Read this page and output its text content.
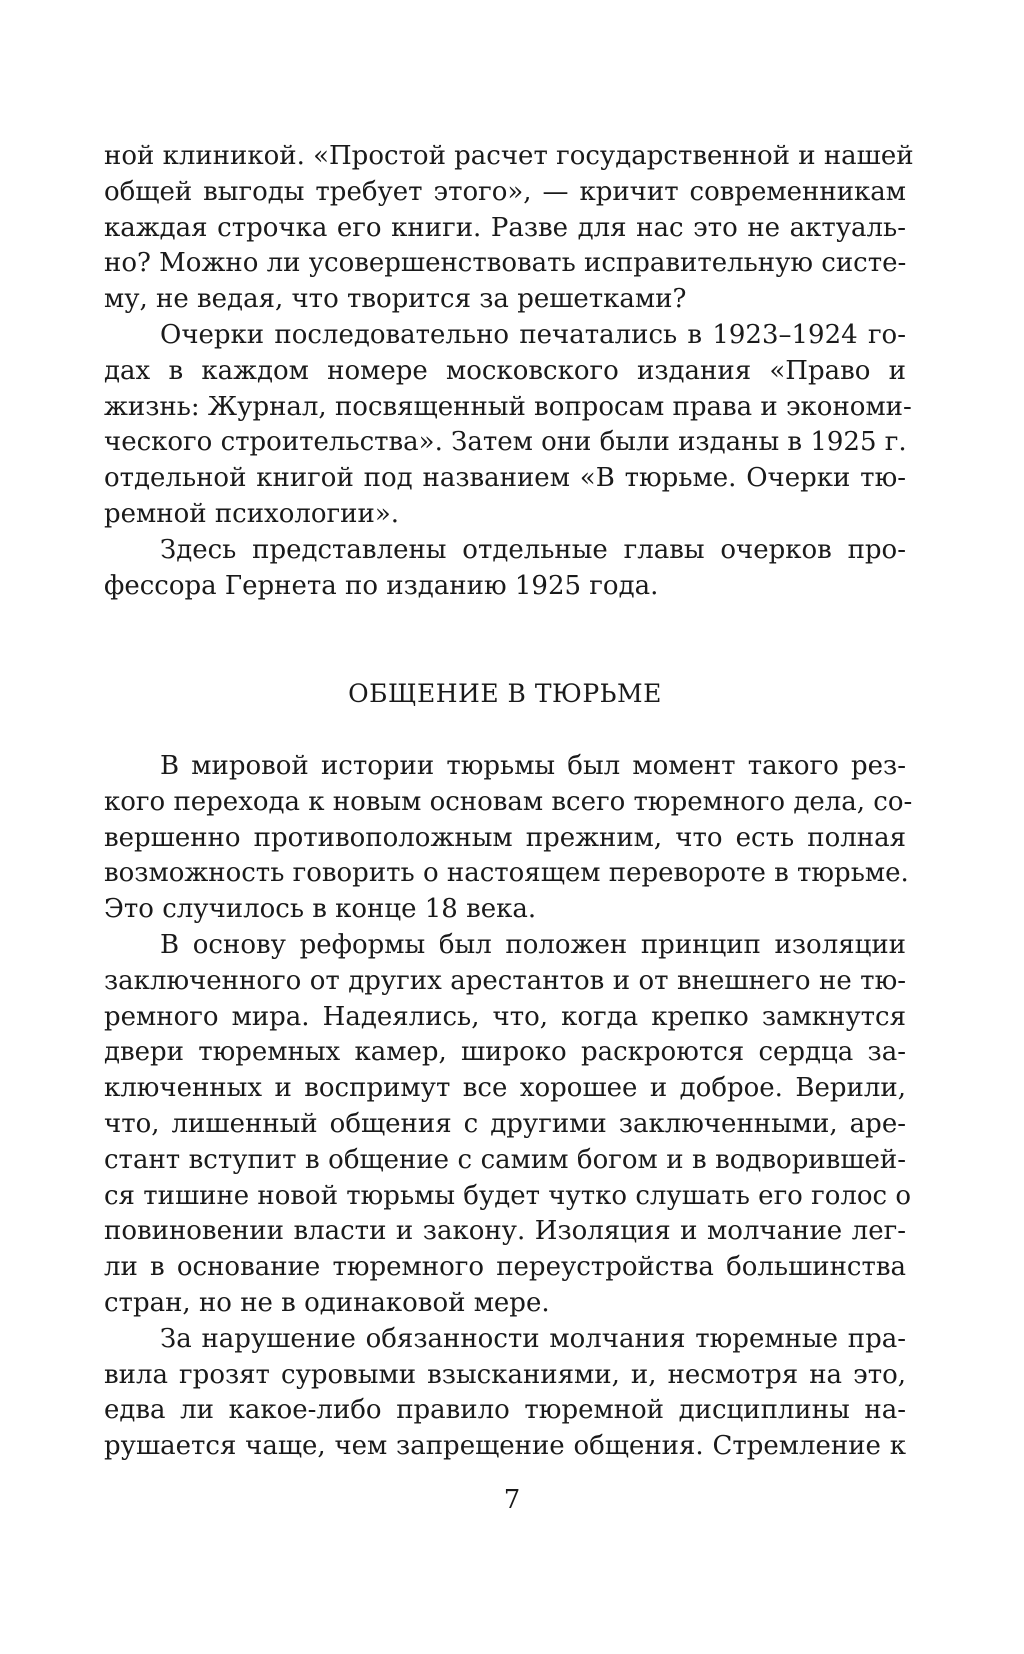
ной клиникой. «Простой расчет государственной и нашей
общей выгоды требует этого», — кричит современникам
каждая строчка его книги. Разве для нас это не актуаль-
но? Можно ли усовершенствовать исправительную систе-
му, не ведая, что творится за решетками?
Очерки последовательно печатались в 1923–1924 го-
дах в каждом номере московского издания «Право и
жизнь: Журнал, посвященный вопросам права и экономи-
ческого строительства». Затем они были изданы в 1925 г.
отдельной книгой под названием «В тюрьме. Очерки тю-
ремной психологии».
Здесь представлены отдельные главы очерков про-
фессора Гернета по изданию 1925 года.
ОБЩЕНИЕ В ТЮРЬМЕ
В мировой истории тюрьмы был момент такого рез-
кого перехода к новым основам всего тюремного дела, со-
вершенно противоположным прежним, что есть полная
возможность говорить о настоящем перевороте в тюрьме.
Это случилось в конце 18 века.
В основу реформы был положен принцип изоляции
заключенного от других арестантов и от внешнего не тю-
ремного мира. Надеялись, что, когда крепко замкнутся
двери тюремных камер, широко раскроются сердца за-
ключенных и воспримут все хорошее и доброе. Верили,
что, лишенный общения с другими заключенными, аре-
стант вступит в общение с самим богом и в водворившей-
ся тишине новой тюрьмы будет чутко слушать его голос о
повиновении власти и закону. Изоляция и молчание лег-
ли в основание тюремного переустройства большинства
стран, но не в одинаковой мере.
За нарушение обязанности молчания тюремные пра-
вила грозят суровыми взысканиями, и, несмотря на это,
едва ли какое-либо правило тюремной дисциплины на-
рушается чаще, чем запрещение общения. Стремление к
7
